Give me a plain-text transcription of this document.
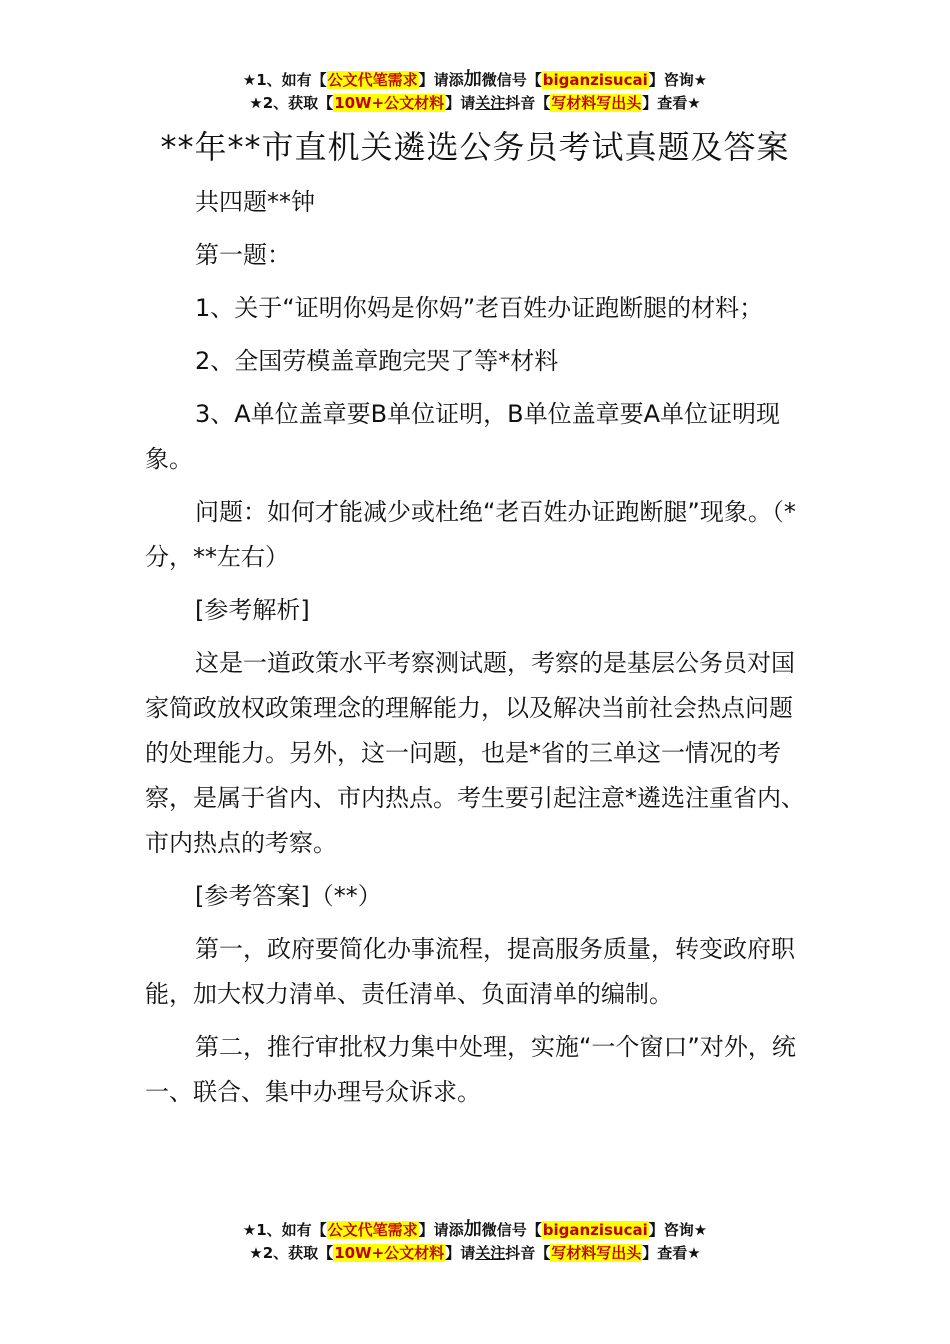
★1、如有【公文代笔需求】请添加微信号【biganzisucai】咨询★
★2、获取【10W+公文材料】请关注抖音【写材料写出头】查看★
**年**市直机关遴选公务员考试真题及答案

共四题**钟

第一题：

1、关于“证明你妈是你妈”老百姓办证跑断腿的材料；

2、全国劳模盖章跑完哭了等*材料

3、A单位盖章要B单位证明，B单位盖章要A单位证明现象。

问题：如何才能减少或杜绝“老百姓办证跑断腿”现象。（*分，**左右）

[参考解析]

这是一道政策水平考察测试题，考察的是基层公务员对国家简政放权政策理念的理解能力，以及解决当前社会热点问题的处理能力。另外，这一问题，也是*省的三单这一情况的考察，是属于省内、市内热点。考生要引起注意*遴选注重省内、市内热点的考察。

[参考答案]（**）

第一，政府要简化办事流程，提高服务质量，转变政府职能，加大权力清单、责任清单、负面清单的编制。

第二，推行审批权力集中处理，实施“一个窗口”对外，统一、联合、集中办理号众诉求。

★1、如有【公文代笔需求】请添加微信号【biganzisucai】咨询★
★2、获取【10W+公文材料】请关注抖音【写材料写出头】查看★
